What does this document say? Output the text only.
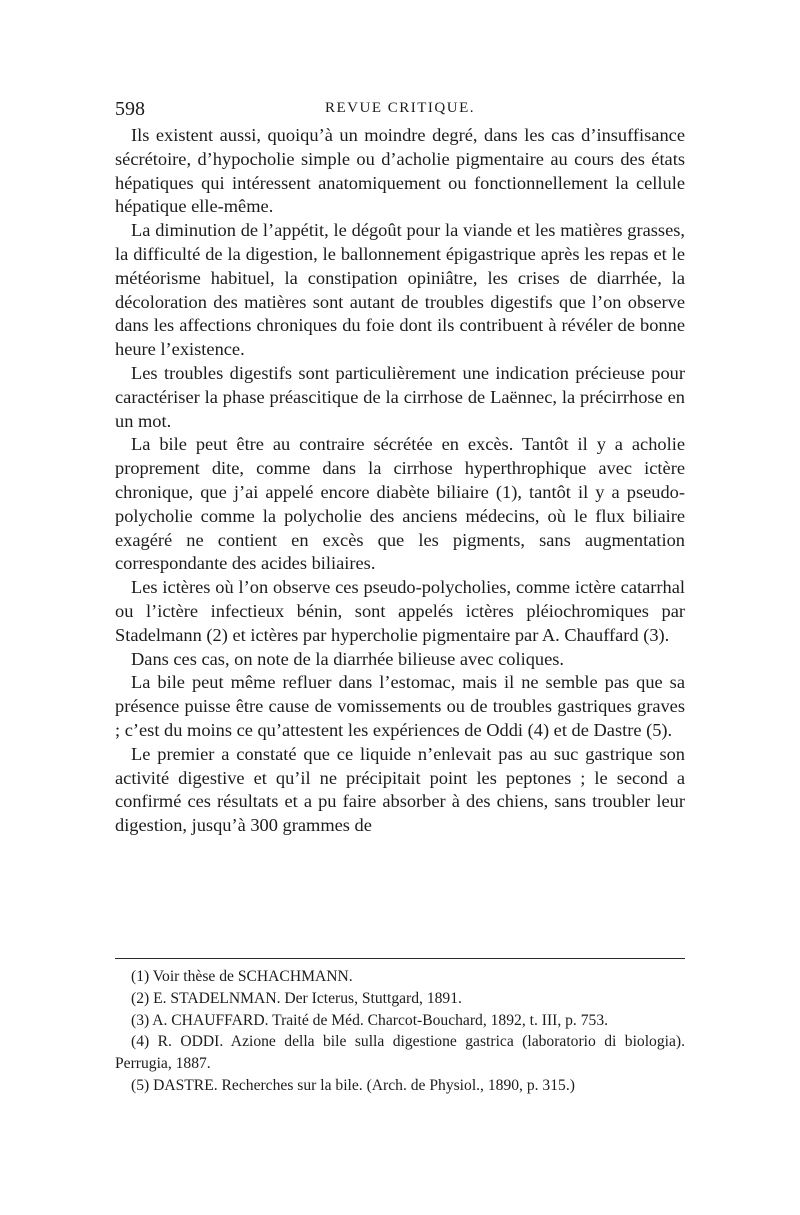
598	REVUE CRITIQUE.

Ils existent aussi, quoiqu’à un moindre degré, dans les cas d’insuffisance sécrétoire, d’hypocholie simple ou d’acholie pigmentaire au cours des états hépatiques qui intéressent anatomiquement ou fonctionnellement la cellule hépatique elle-même.

La diminution de l’appétit, le dégoût pour la viande et les matières grasses, la difficulté de la digestion, le ballonnement épigastrique après les repas et le météorisme habituel, la constipation opiniâtre, les crises de diarrhée, la décoloration des matières sont autant de troubles digestifs que l’on observe dans les affections chroniques du foie dont ils contribuent à révéler de bonne heure l’existence.

Les troubles digestifs sont particulièrement une indication précieuse pour caractériser la phase préascitique de la cirrhose de Laënnec, la précirrhose en un mot.

La bile peut être au contraire sécrétée en excès. Tantôt il y a acholie proprement dite, comme dans la cirrhose hyperthrophique avec ictère chronique, que j’ai appelé encore diabète biliaire (1), tantôt il y a pseudo-polycholie comme la polycholie des anciens médecins, où le flux biliaire exagéré ne contient en excès que les pigments, sans augmentation correspondante des acides biliaires.

Les ictères où l’on observe ces pseudo-polycholies, comme ictère catarrhal ou l’ictère infectieux bénin, sont appelés ictères pléiochromiques par Stadelmann (2) et ictères par hypercholie pigmentaire par A. Chauffard (3).

Dans ces cas, on note de la diarrhée bilieuse avec coliques.

La bile peut même refluer dans l’estomac, mais il ne semble pas que sa présence puisse être cause de vomissements ou de troubles gastriques graves ; c’est du moins ce qu’attestent les expériences de Oddi (4) et de Dastre (5).

Le premier a constaté que ce liquide n’enlevait pas au suc gastrique son activité digestive et qu’il ne précipitait point les peptones ; le second a confirmé ces résultats et a pu faire absorber à des chiens, sans troubler leur digestion, jusqu’à 300 grammes de

(1) Voir thèse de SCHACHMANN.

(2) E. STADELNMAN. Der Icterus, Stuttgard, 1891.

(3) A. CHAUFFARD. Traité de Méd. Charcot-Bouchard, 1892, t. III, p. 753.

(4) R. ODDI. Azione della bile sulla digestione gastrica (laboratorio di biologia). Perrugia, 1887.

(5) DASTRE. Recherches sur la bile. (Arch. de Physiol., 1890, p. 315.)
